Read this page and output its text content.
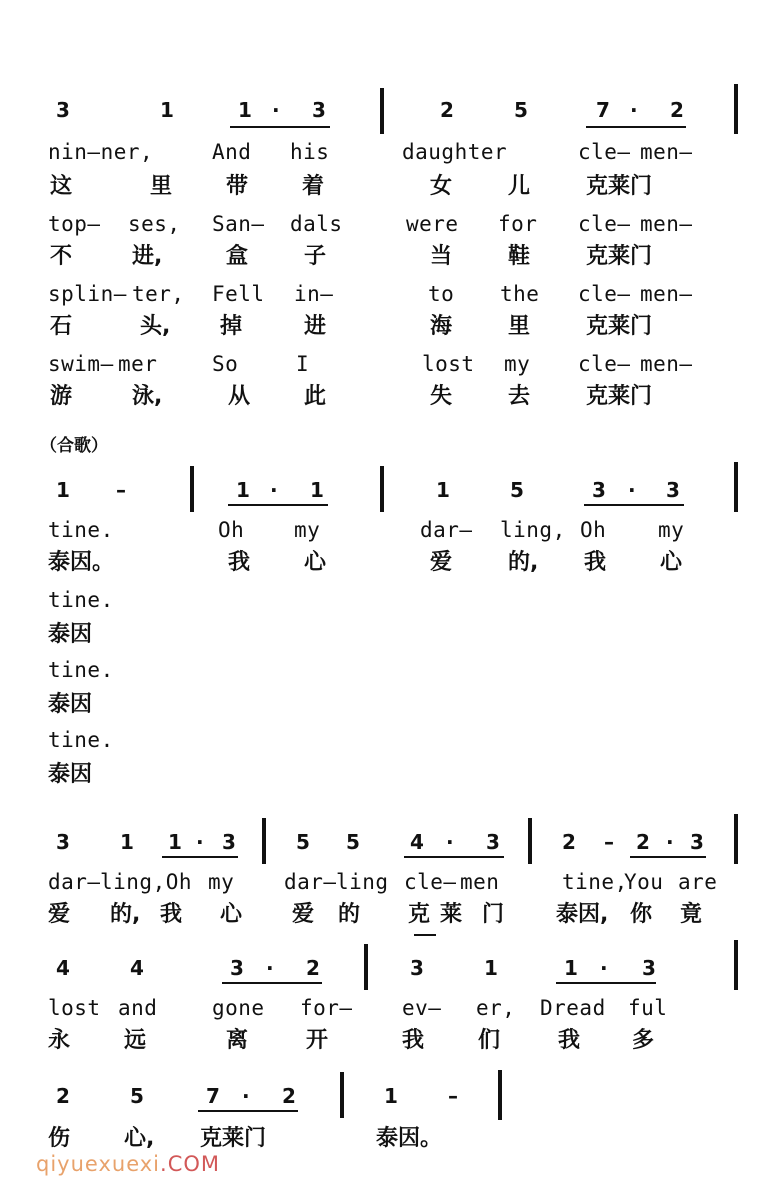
3	1	1 · 3	2	5	7 · 2
nin–ner,	And his	daughter	cle– men–
这	里 带 着	女	儿	克莱门
top– ses, San– dals	were for cle– men–
不	进,	盒	子	当	鞋	克莱门
splin– ter, Fell in–	to the cle– men–
石	头, 掉	进	海	里	克莱门
swim– mer	So	I	lost my cle– men–
游	泳,	从 此	失	去	克莱门
（合歌）
1 –	1 · 1	1	5	3 · 3
tine.	Oh my	dar– ling, Oh my
泰因。	我 心	爱	的, 我 心
tine.
泰因
tine.
泰因
tine.
泰因
3	1 1 · 3	5 5	4 · 3	2 – 2 · 3
dar– ling,Oh my dar– ling cle– men	tine,
You are
爱 的, 我 心 爱 的 克 莱 门 泰因, 你 竟
4	4	3 · 2	3	1	1 · 3
lost and	gone for– ev– er, Dread ful
永 远	离	开	我 们	我 多
2	5	7 · 2	1	–
伤 心, 克莱门	泰因。
qiyuexuexi.COM
